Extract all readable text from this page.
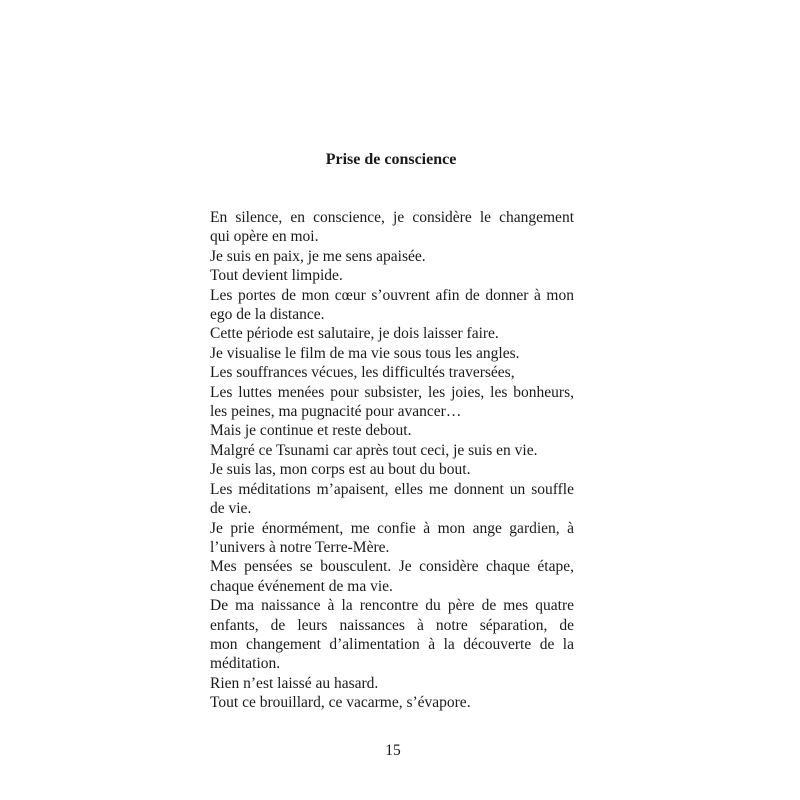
Prise de conscience
En silence, en conscience, je considère le changement
qui opère en moi.
Je suis en paix, je me sens apaisée.
Tout devient limpide.
Les portes de mon cœur s’ouvrent afin de donner à mon
ego de la distance.
Cette période est salutaire, je dois laisser faire.
Je visualise le film de ma vie sous tous les angles.
Les souffrances vécues, les difficultés traversées,
Les luttes menées pour subsister, les joies, les bonheurs,
les peines, ma pugnacité pour avancer…
Mais je continue et reste debout.
Malgré ce Tsunami car après tout ceci, je suis en vie.
Je suis las, mon corps est au bout du bout.
Les méditations m’apaisent, elles me donnent un souffle
de vie.
Je prie énormément, me confie à mon ange gardien, à
l’univers à notre Terre-Mère.
Mes pensées se bousculent. Je considère chaque étape,
chaque événement de ma vie.
De ma naissance à la rencontre du père de mes quatre
enfants, de leurs naissances à notre séparation, de
mon changement d’alimentation à la découverte de la
méditation.
Rien n’est laissé au hasard.
Tout ce brouillard, ce vacarme, s’évapore.
15
